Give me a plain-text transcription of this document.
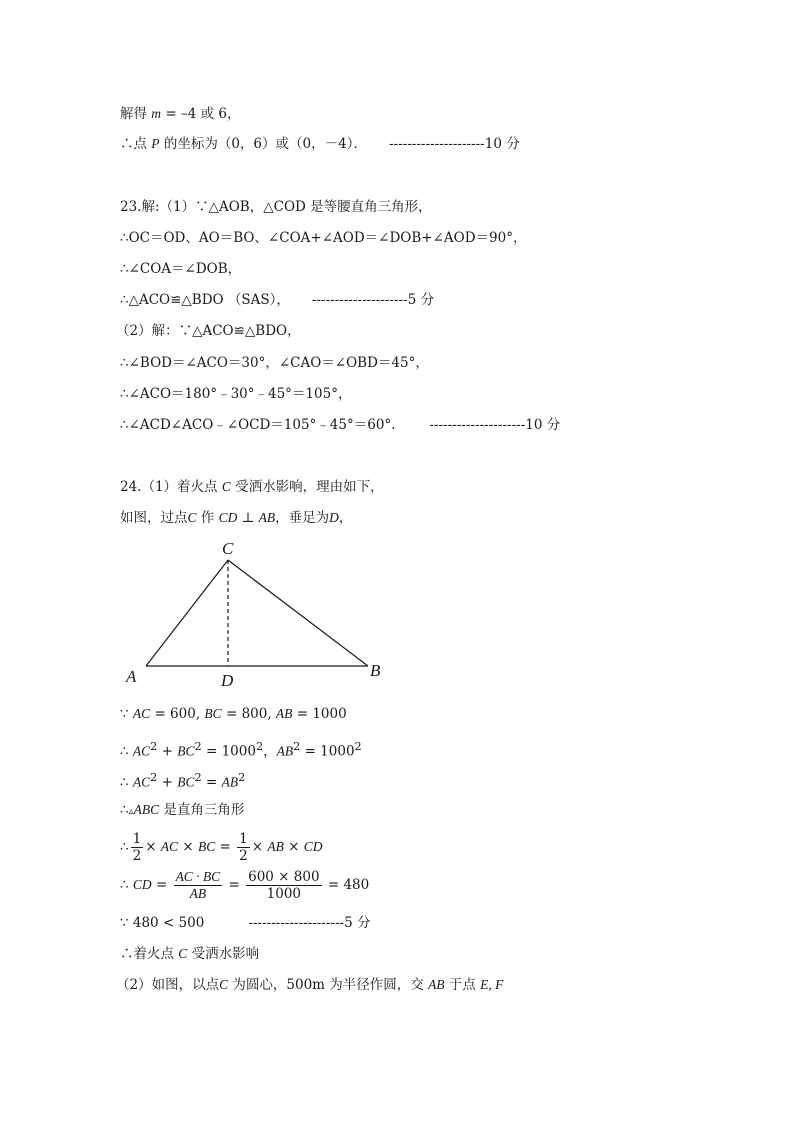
解得 m = –4 或 6，
∴点 P 的坐标为（0，6）或（0，－4）． ---------------------10 分
23.解:（1）∵△AOB，△COD 是等腰直角三角形，
∴OC＝OD、AO＝BO、∠COA+∠AOD＝∠DOB+∠AOD＝90°，
∴∠COA＝∠DOB，
∴△ACO≌△BDO （SAS）， ---------------------5 分
（2）解：∵△ACO≌△BDO，
∴∠BOD＝∠ACO＝30°，∠CAO＝∠OBD＝45°，
∴∠ACO＝180°﹣30°﹣45°＝105°，
∴∠ACD∠ACO﹣∠OCD＝105°﹣45°＝60°.	---------------------10 分
24.（1）着火点 C 受洒水影响，理由如下，
如图，过点C 作 CD ⊥ AB，垂足为D，
C
A	D
B
∵ AC = 600, BC = 800, AB = 1000
∴ $AC^2 + BC^2 = 1000^2$，$AB^2 = 1000^2$
∴ $AC^2 + BC^2 = AB^2$
∴▵ABC 是直角三角形
∴ $\frac{1}{2}$ × AC × BC = $\frac{1}{2}$ × AB × CD
∴ CD = $\frac{AC \cdot BC}{AB} = \frac{600 \times 800}{1000} = 480$
∵ 480 < 500	---------------------5 分
∴着火点 C 受洒水影响
（2）如图，以点C 为圆心，500m 为半径作圆，交 AB 于点 E, F
